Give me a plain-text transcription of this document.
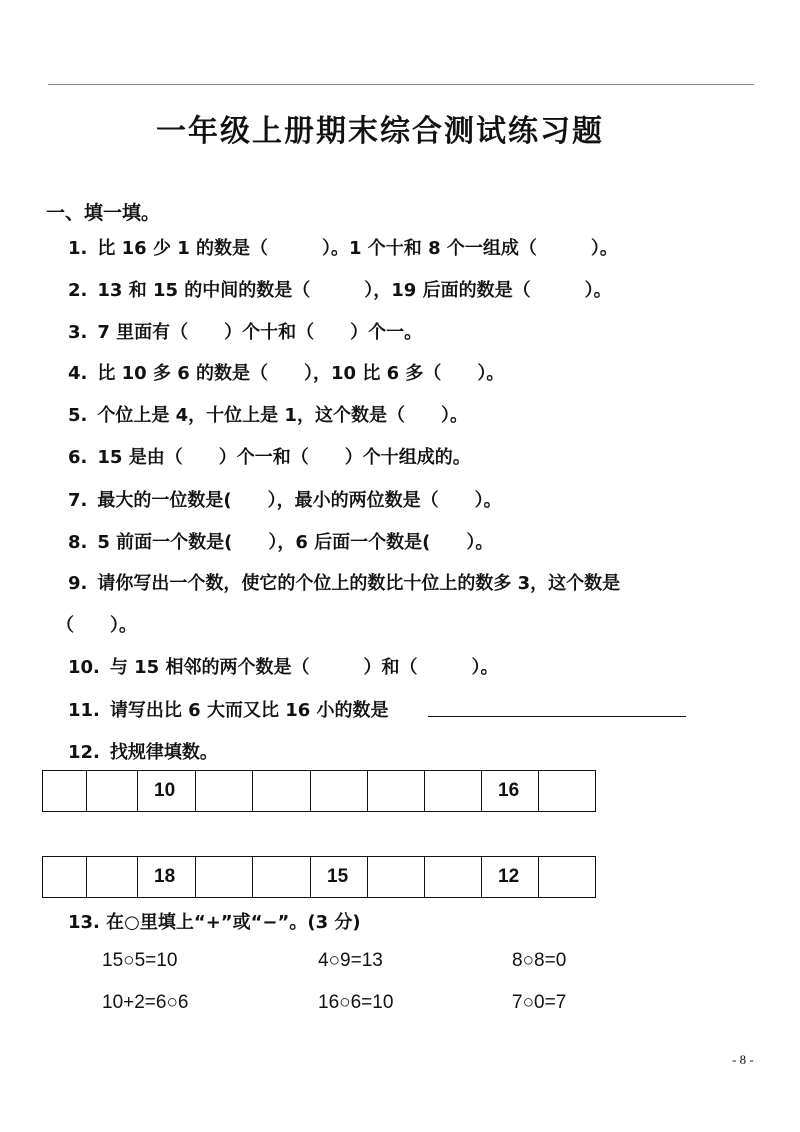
一年级上册期末综合测试练习题
一、填一填。
1. 比 16 少 1 的数是（　　　）。1 个十和 8 个一组成（　　　）。
2. 13 和 15 的中间的数是（　　　），19 后面的数是（　　　）。
3. 7 里面有（　　）个十和（　　）个一。
4. 比 10 多 6 的数是（　　），10 比 6 多（　　）。
5. 个位上是 4，十位上是 1，这个数是（　　）。
6. 15 是由（　　）个一和（　　）个十组成的。
7. 最大的一位数是(　　），最小的两位数是（　　）。
8. 5 前面一个数是(　　），6 后面一个数是(　　）。
9. 请你写出一个数，使它的个位上的数比十位上的数多 3，这个数是
（　　）。
10. 与 15 相邻的两个数是（　　　）和（　　　）。
11. 请写出比 6 大而又比 16 小的数是
12. 找规律填数。
		10						16	
		18			15			12	
13. 在○里填上“+”或“−”。(3 分)
15○5=10	4○9=13	8○8=0
10+2=6○6	16○6=10	7○0=7
- 8 -
